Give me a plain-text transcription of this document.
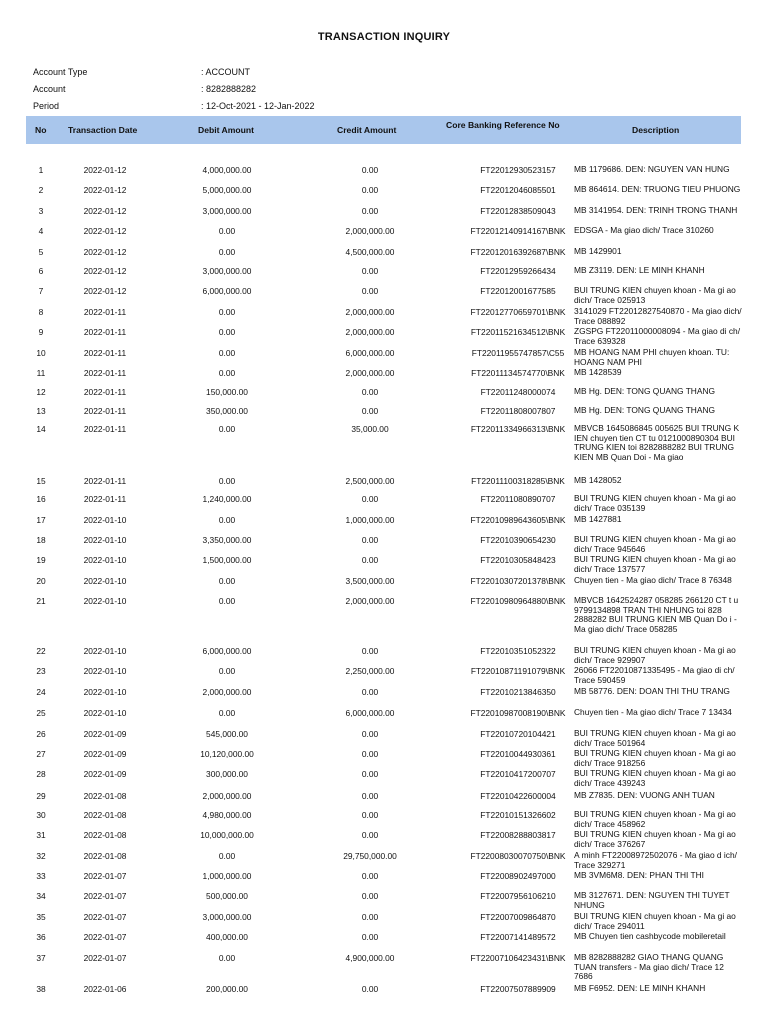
TRANSACTION INQUIRY
Account Type	: ACCOUNT
Account	: 8282888282
Period	: 12-Oct-2021 - 12-Jan-2022
No	Transaction Date	Debit Amount	Credit Amount	Core Banking Reference No	Description
1	2022-01-12	4,000,000.00	0.00	FT22012930523157	MB 1179686. DEN: NGUYEN VAN HUNG
2	2022-01-12	5,000,000.00	0.00	FT22012046085501	MB 864614. DEN: TRUONG TIEU PHUONG
3	2022-01-12	3,000,000.00	0.00	FT22012838509043	MB 3141954. DEN: TRINH TRONG THANH
4	2022-01-12	0.00	2,000,000.00	FT22012140914167\BNK	EDSGA - Ma giao dich/ Trace 310260
5	2022-01-12	0.00	4,500,000.00	FT22012016392687\BNK	MB 1429901
6	2022-01-12	3,000,000.00	0.00	FT22012959266434	MB Z3119. DEN: LE MINH KHANH
7	2022-01-12	6,000,000.00	0.00	FT22012001677585	BUI TRUNG KIEN chuyen khoan - Ma gi ao dich/ Trace 025913
8	2022-01-11	0.00	2,000,000.00	FT22012770659701\BNK	3141029 FT22012827540870 - Ma giao dich/ Trace 088892
9	2022-01-11	0.00	2,000,000.00	FT22011521634512\BNK	ZGSPG FT22011000008094 - Ma giao di ch/ Trace 639328
10	2022-01-11	0.00	6,000,000.00	FT22011955747857\C55	MB HOANG NAM PHI chuyen khoan. TU: HOANG NAM PHI
11	2022-01-11	0.00	2,000,000.00	FT22011134574770\BNK	MB 1428539
12	2022-01-11	150,000.00	0.00	FT22011248000074	MB Hg. DEN: TONG QUANG THANG
13	2022-01-11	350,000.00	0.00	FT22011808007807	MB Hg. DEN: TONG QUANG THANG
14	2022-01-11	0.00	35,000.00	FT22011334966313\BNK	MBVCB 1645086845 005625 BUI TRUNG K IEN chuyen tien CT tu 0121000890304 BUI TRUNG KIEN toi 8282888282 BUI TRUNG KIEN MB Quan Doi - Ma giao
15	2022-01-11	0.00	2,500,000.00	FT22011100318285\BNK	MB 1428052
16	2022-01-11	1,240,000.00	0.00	FT22011080890707	BUI TRUNG KIEN chuyen khoan - Ma gi ao dich/ Trace 035139
17	2022-01-10	0.00	1,000,000.00	FT22010989643605\BNK	MB 1427881
18	2022-01-10	3,350,000.00	0.00	FT22010390654230	BUI TRUNG KIEN chuyen khoan - Ma gi ao dich/ Trace 945646
19	2022-01-10	1,500,000.00	0.00	FT22010305848423	BUI TRUNG KIEN chuyen khoan - Ma gi ao dich/ Trace 137577
20	2022-01-10	0.00	3,500,000.00	FT22010307201378\BNK	Chuyen tien - Ma giao dich/ Trace 8 76348
21	2022-01-10	0.00	2,000,000.00	FT22010980964880\BNK	MBVCB 1642524287 058285 266120 CT t u 9799134898 TRAN THI NHUNG toi 828 2888282 BUI TRUNG KIEN MB Quan Do i - Ma giao dich/ Trace 058285
22	2022-01-10	6,000,000.00	0.00	FT22010351052322	BUI TRUNG KIEN chuyen khoan - Ma gi ao dich/ Trace 929907
23	2022-01-10	0.00	2,250,000.00	FT22010871191079\BNK	26066 FT22010871335495 - Ma giao di ch/ Trace 590459
24	2022-01-10	2,000,000.00	0.00	FT22010213846350	MB 58776. DEN: DOAN THI THU TRANG
25	2022-01-10	0.00	6,000,000.00	FT22010987008190\BNK	Chuyen tien - Ma giao dich/ Trace 7 13434
26	2022-01-09	545,000.00	0.00	FT22010720104421	BUI TRUNG KIEN chuyen khoan - Ma gi ao dich/ Trace 501964
27	2022-01-09	10,120,000.00	0.00	FT22010044930361	BUI TRUNG KIEN chuyen khoan - Ma gi ao dich/ Trace 918256
28	2022-01-09	300,000.00	0.00	FT22010417200707	BUI TRUNG KIEN chuyen khoan - Ma gi ao dich/ Trace 439243
29	2022-01-08	2,000,000.00	0.00	FT22010422600004	MB Z7835. DEN: VUONG ANH TUAN
30	2022-01-08	4,980,000.00	0.00	FT22010151326602	BUI TRUNG KIEN chuyen khoan - Ma gi ao dich/ Trace 458962
31	2022-01-08	10,000,000.00	0.00	FT22008288803817	BUI TRUNG KIEN chuyen khoan - Ma gi ao dich/ Trace 376267
32	2022-01-08	0.00	29,750,000.00	FT22008030070750\BNK	A minh FT22008972502076 - Ma giao d ich/ Trace 329271
33	2022-01-07	1,000,000.00	0.00	FT22008902497000	MB 3VM6M8. DEN: PHAN THI THI
34	2022-01-07	500,000.00	0.00	FT22007956106210	MB 3127671. DEN: NGUYEN THI TUYET NHUNG
35	2022-01-07	3,000,000.00	0.00	FT22007009864870	BUI TRUNG KIEN chuyen khoan - Ma gi ao dich/ Trace 294011
36	2022-01-07	400,000.00	0.00	FT22007141489572	MB Chuyen tien cashbycode mobileretail
37	2022-01-07	0.00	4,900,000.00	FT22007106423431\BNK	MB 8282888282 GIAO THANG QUANG TUAN transfers - Ma giao dich/ Trace 12 7686
38	2022-01-06	200,000.00	0.00	FT22007507889909	MB F6952. DEN: LE MINH KHANH
